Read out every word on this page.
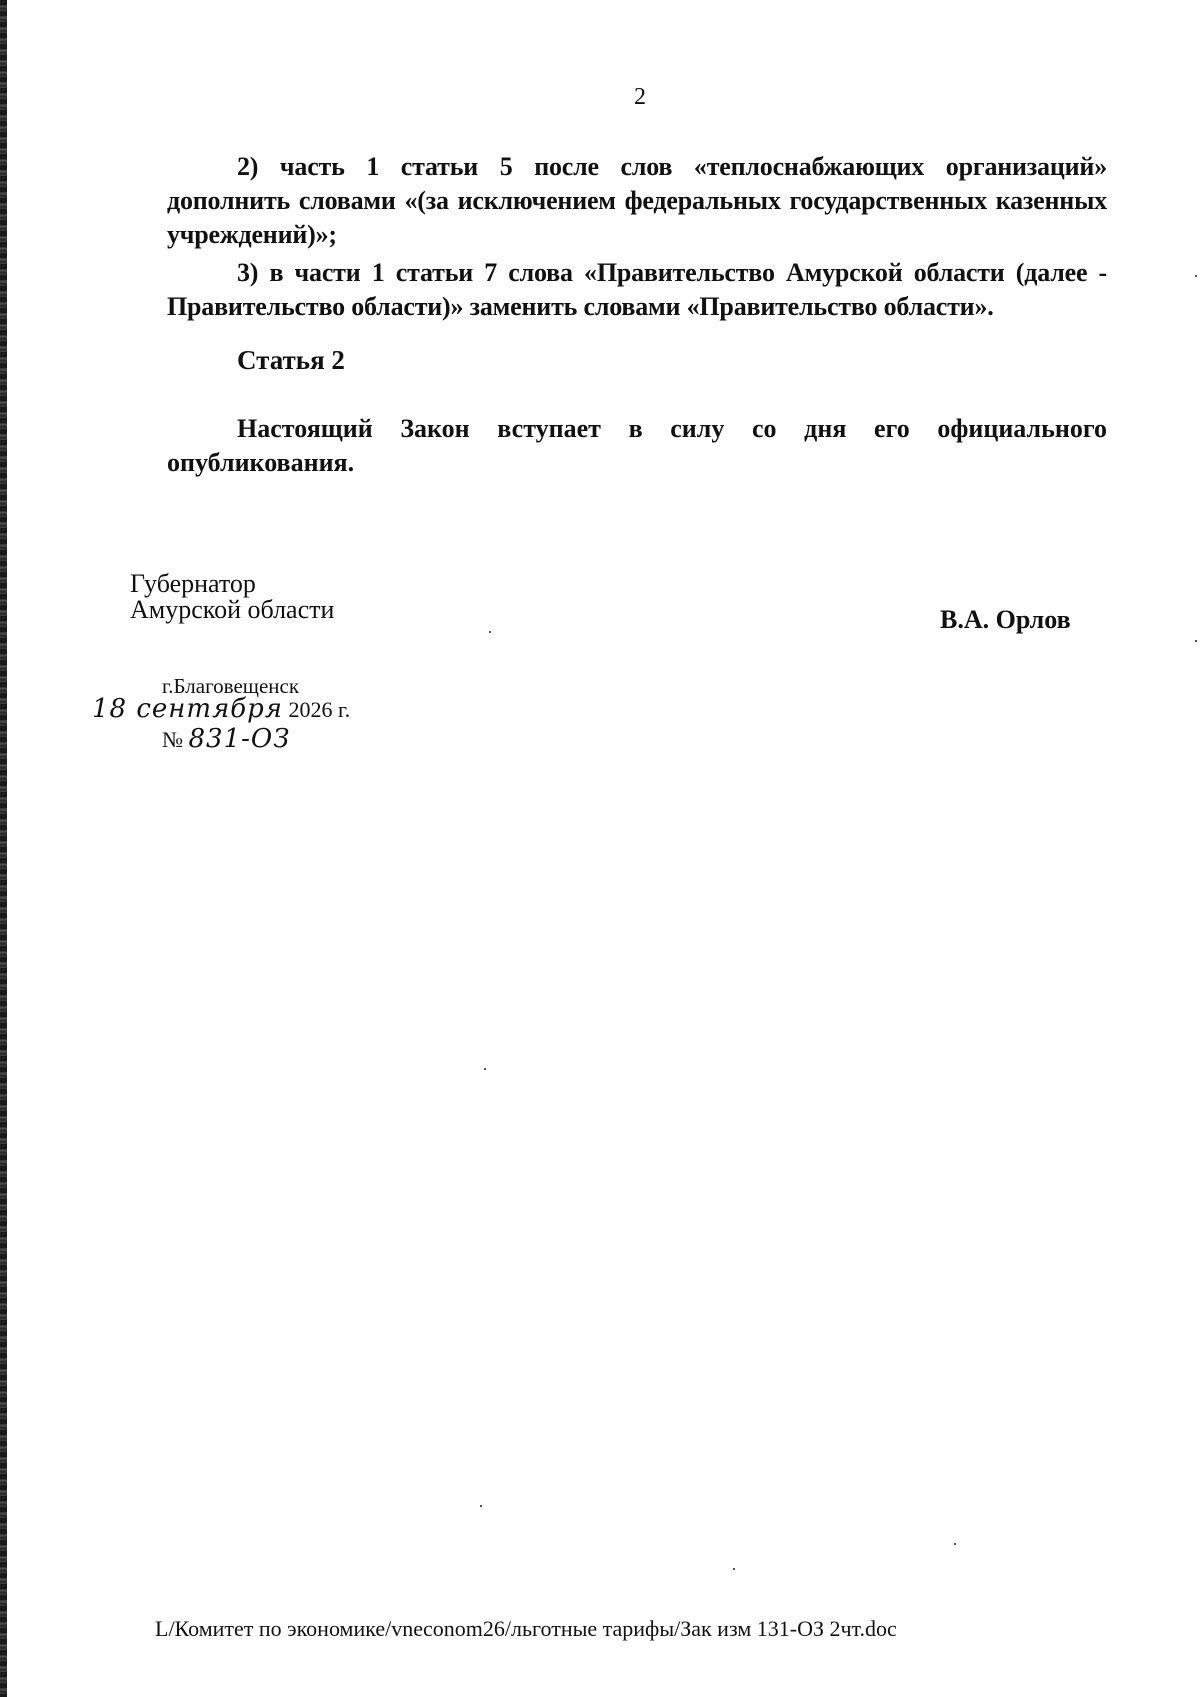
2

2) часть 1 статьи 5 после слов «теплоснабжающих организаций» дополнить словами «(за исключением федеральных государственных казенных учреждений)»;

3) в части 1 статьи 7 слова «Правительство Амурской области (далее - Правительство области)» заменить словами «Правительство области».

Статья 2

Настоящий Закон вступает в силу со дня его официального опубликования.

Губернатор
Амурской области	В.А. Орлов
г.Благовещенск
18 сентября 2026 г.
№ 831-ОЗ
L/Комитет по экономике/vneconom26/льготные тарифы/Зак изм 131-ОЗ 2чт.doc
